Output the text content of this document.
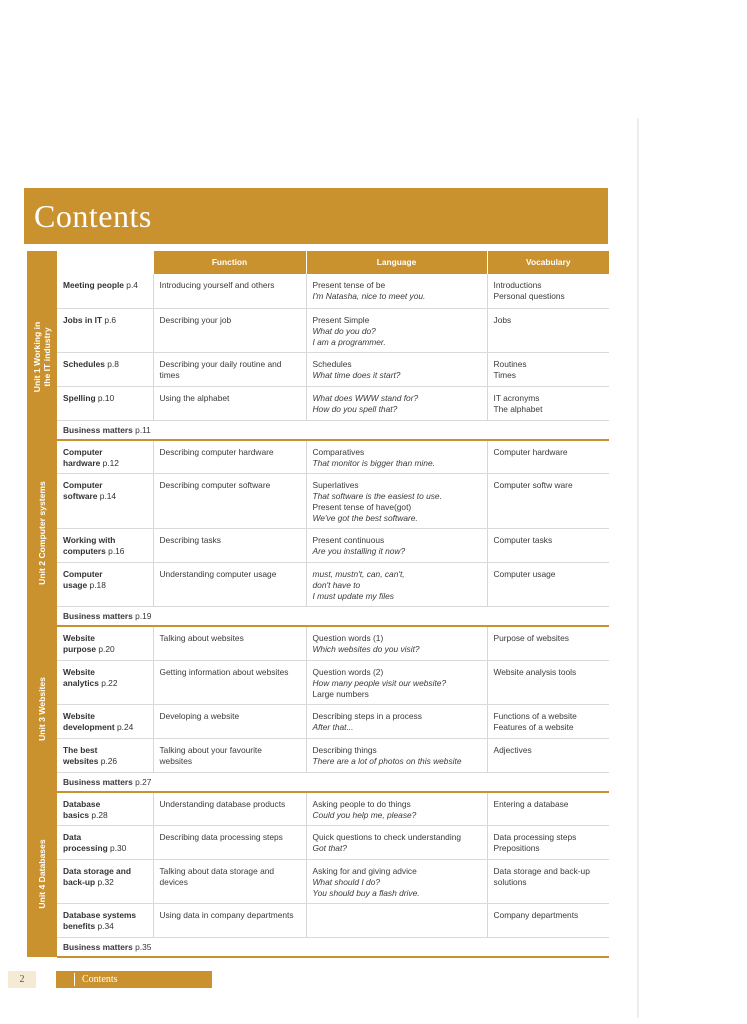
Contents
		Function	Language	Vocabulary

Unit 1 Working in the IT industry	Meeting people p.4	Introducing yourself and others	Present tense of be
I'm Natasha, nice to meet you.	Introductions
Personal questions

	Jobs in IT p.6	Describing your job	Present Simple
What do you do?
I am a programmer.	Jobs

	Schedules p.8	Describing your daily routine and
times	Schedules
What time does it start?	Routines
Times

	Spelling p.10	Using the alphabet	What does WWW stand for?
How do you spell that?	IT acronyms
The alphabet

	Business matters p.11			

Unit 2 Computer systems	Computer
hardware p.12	Describing computer hardware	Comparatives
That monitor is bigger than mine.	Computer hardware

	Computer
software p.14	Describing computer software	Superlatives
That software is the easiest to use.
Present tense of have(got)
We've got the best software.	Computer softw ware

	Working with
computers p.16	Describing tasks	Present continuous
Are you installing it now?	Computer tasks

	Computer
usage p.18	Understanding computer usage	must, mustn't, can, can't,
don't have to
I must update my files	Computer usage

	Business matters p.19			

Unit 3 Websites	Website
purpose p.20	Talking about websites	Question words (1)
Which websites do you visit?	Purpose of websites

	Website
analytics p.22	Getting information about websites	Question words (2)
How many people visit our website?
Large numbers	Website analysis tools

	Website
development p.24	Developing a website	Describing steps in a process
After that...	Functions of a website
Features of a website

	The best
websites p.26	Talking about your favourite
websites	Describing things
There are a lot of photos on this website	Adjectives

	Business matters p.27			

Unit 4 Databases	Database
basics p.28	Understanding database products	Asking people to do things
Could you help me, please?	Entering a database

	Data
processing p.30	Describing data processing steps	Quick questions to check understanding
Got that?	Data processing steps
Prepositions

	Data storage and
back-up p.32	Talking about data storage and
devices	Asking for and giving advice
What should I do?
You should buy a flash drive.	Data storage and back-up
solutions

	Database systems
benefits p.34	Using data in company departments		Company departments

	Business matters p.35			
2	Contents
